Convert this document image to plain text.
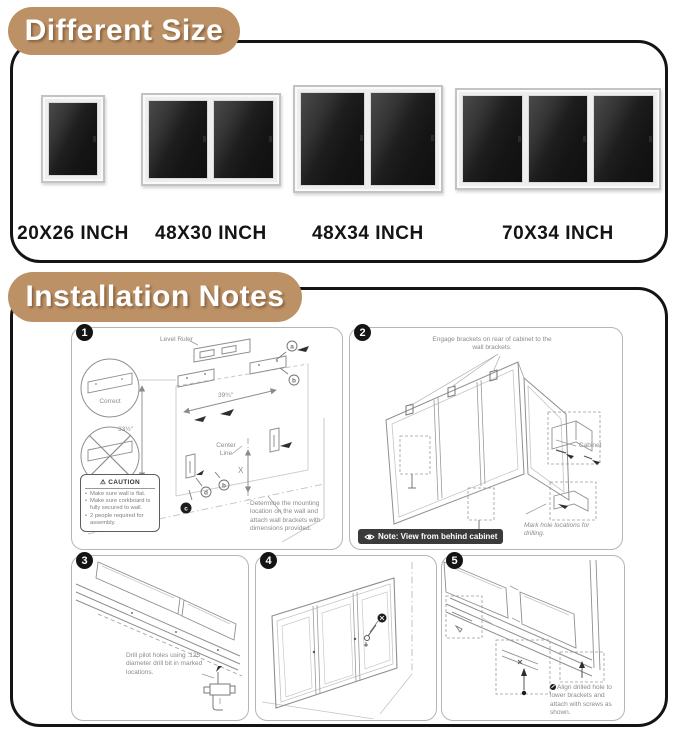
20X26 INCH 48X30 INCH 48X34 INCH	70X34 INCH
Different Size
1
a
b
d
b
c
Level Ruler
Correct
39¾"
33½"
Center Line
X
⚠ CAUTION
• Make sure wall is flat.
• Make sure corkboard is fully secured to wall.
• 2 people required for assembly.
Determine the mounting location on the wall and attach wall brackets with dimensions provided.
2
Engage brackets on rear of cabinet to the wall brackets.
Cabinet
Mark hole locations for drilling.
Note: View from behind cabinet
3
Drill pilot holes using .125 diameter drill bit in marked locations.
4	5
Align drilled hole to lower brackets and attach with screws as shown.
Installation Notes
